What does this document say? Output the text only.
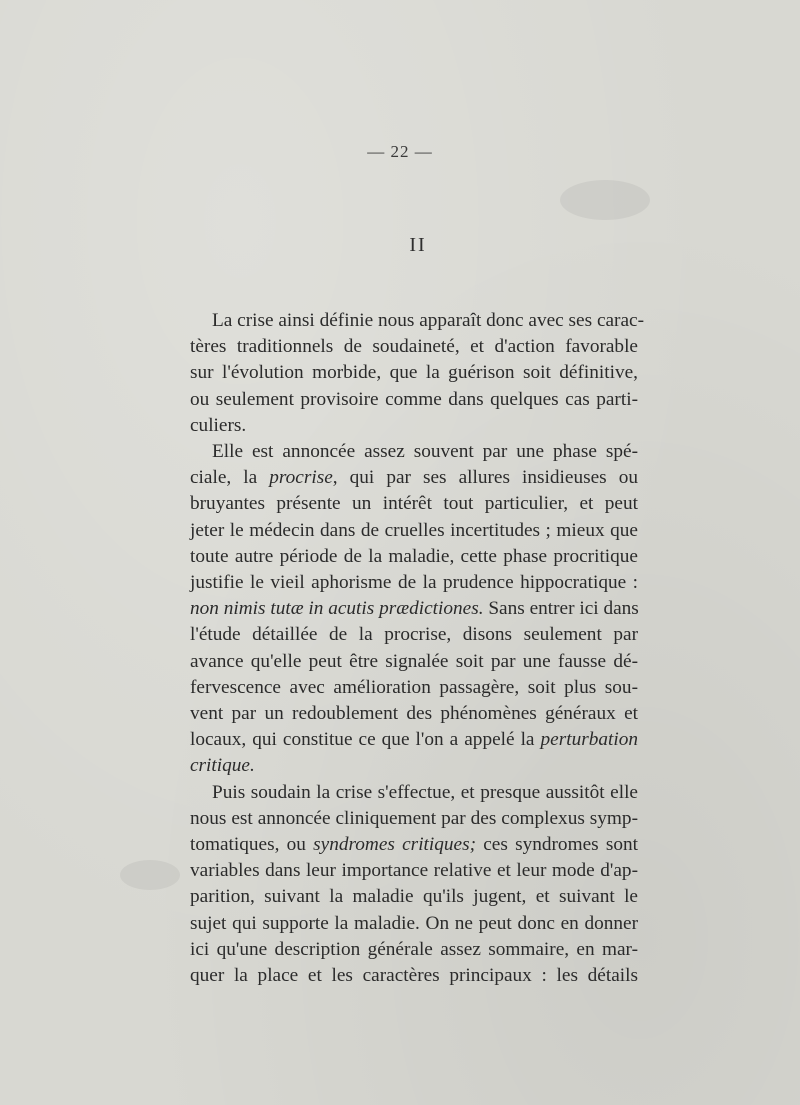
— 22 —
II
La crise ainsi définie nous apparaît donc avec ses carac-
tères traditionnels de soudaineté, et d'action favorable
sur l'évolution morbide, que la guérison soit définitive,
ou seulement provisoire comme dans quelques cas parti-
culiers.
Elle est annoncée assez souvent par une phase spé-
ciale, la procrise, qui par ses allures insidieuses ou
bruyantes présente un intérêt tout particulier, et peut
jeter le médecin dans de cruelles incertitudes ; mieux que
toute autre période de la maladie, cette phase procritique
justifie le vieil aphorisme de la prudence hippocratique :
non nimis tutæ in acutis prædictiones. Sans entrer ici dans
l'étude détaillée de la procrise, disons seulement par
avance qu'elle peut être signalée soit par une fausse dé-
fervescence avec amélioration passagère, soit plus sou-
vent par un redoublement des phénomènes généraux et
locaux, qui constitue ce que l'on a appelé la perturbation
critique.
Puis soudain la crise s'effectue, et presque aussitôt elle
nous est annoncée cliniquement par des complexus symp-
tomatiques, ou syndromes critiques; ces syndromes sont
variables dans leur importance relative et leur mode d'ap-
parition, suivant la maladie qu'ils jugent, et suivant le
sujet qui supporte la maladie. On ne peut donc en donner
ici qu'une description générale assez sommaire, en mar-
quer la place et les caractères principaux : les détails
